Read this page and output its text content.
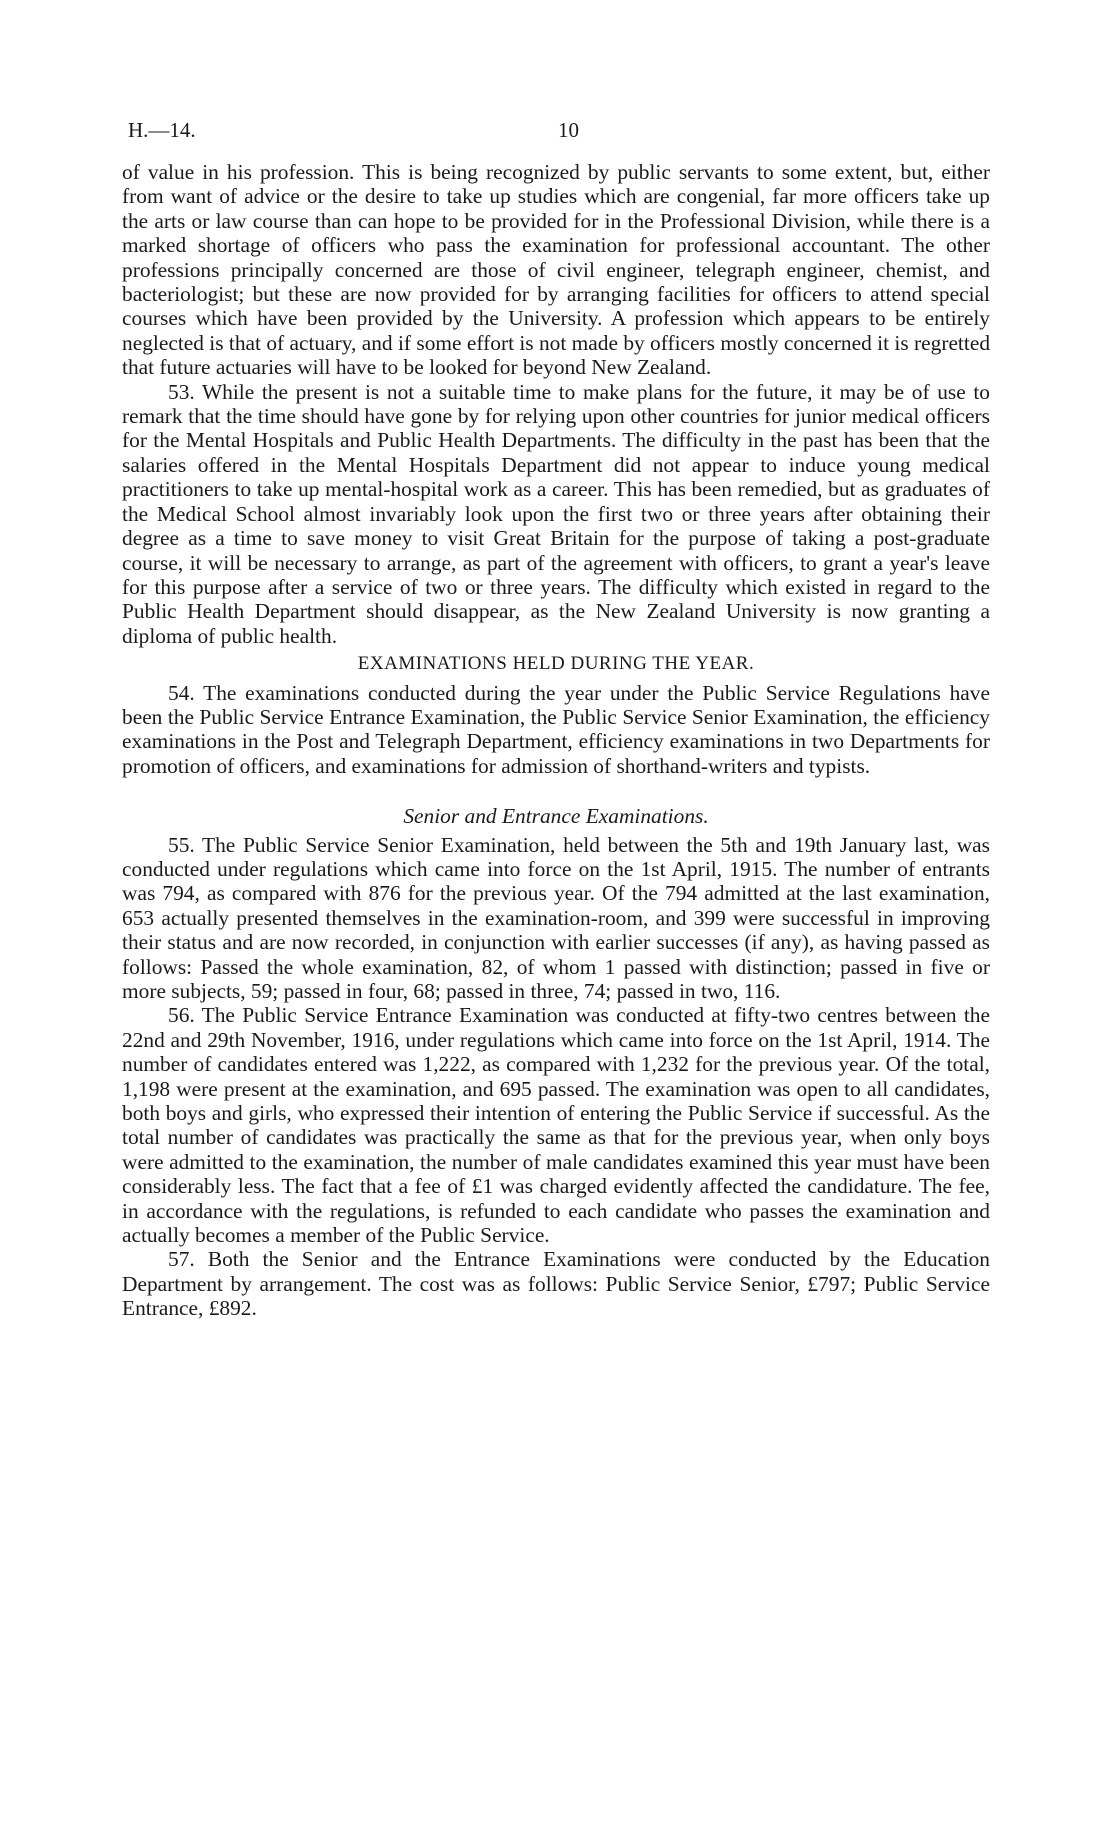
H.—14.	10

of value in his profession. This is being recognized by public servants to some extent, but, either from want of advice or the desire to take up studies which are congenial, far more officers take up the arts or law course than can hope to be provided for in the Professional Division, while there is a marked shortage of officers who pass the examination for professional accountant. The other professions principally concerned are those of civil engineer, telegraph engineer, chemist, and bacteriologist; but these are now provided for by arranging facilities for officers to attend special courses which have been provided by the University. A profession which appears to be entirely neglected is that of actuary, and if some effort is not made by officers mostly concerned it is regretted that future actuaries will have to be looked for beyond New Zealand.

53. While the present is not a suitable time to make plans for the future, it may be of use to remark that the time should have gone by for relying upon other countries for junior medical officers for the Mental Hospitals and Public Health Departments. The difficulty in the past has been that the salaries offered in the Mental Hospitals Department did not appear to induce young medical practitioners to take up mental-hospital work as a career. This has been remedied, but as graduates of the Medical School almost invariably look upon the first two or three years after obtaining their degree as a time to save money to visit Great Britain for the purpose of taking a post-graduate course, it will be necessary to arrange, as part of the agreement with officers, to grant a year's leave for this purpose after a service of two or three years. The difficulty which existed in regard to the Public Health Department should disappear, as the New Zealand University is now granting a diploma of public health.

EXAMINATIONS HELD DURING THE YEAR.

54. The examinations conducted during the year under the Public Service Regulations have been the Public Service Entrance Examination, the Public Service Senior Examination, the efficiency examinations in the Post and Telegraph Department, efficiency examinations in two Departments for promotion of officers, and examinations for admission of shorthand-writers and typists.

Senior and Entrance Examinations.

55. The Public Service Senior Examination, held between the 5th and 19th January last, was conducted under regulations which came into force on the 1st April, 1915. The number of entrants was 794, as compared with 876 for the previous year. Of the 794 admitted at the last examination, 653 actually presented themselves in the examination-room, and 399 were successful in improving their status and are now recorded, in conjunction with earlier successes (if any), as having passed as follows: Passed the whole examination, 82, of whom 1 passed with distinction; passed in five or more subjects, 59; passed in four, 68; passed in three, 74; passed in two, 116.

56. The Public Service Entrance Examination was conducted at fifty-two centres between the 22nd and 29th November, 1916, under regulations which came into force on the 1st April, 1914. The number of candidates entered was 1,222, as compared with 1,232 for the previous year. Of the total, 1,198 were present at the examination, and 695 passed. The examination was open to all candidates, both boys and girls, who expressed their intention of entering the Public Service if successful. As the total number of candidates was practically the same as that for the previous year, when only boys were admitted to the examination, the number of male candidates examined this year must have been considerably less. The fact that a fee of £1 was charged evidently affected the candidature. The fee, in accordance with the regulations, is refunded to each candidate who passes the examination and actually becomes a member of the Public Service.

57. Both the Senior and the Entrance Examinations were conducted by the Education Department by arrangement. The cost was as follows: Public Service Senior, £797; Public Service Entrance, £892.
